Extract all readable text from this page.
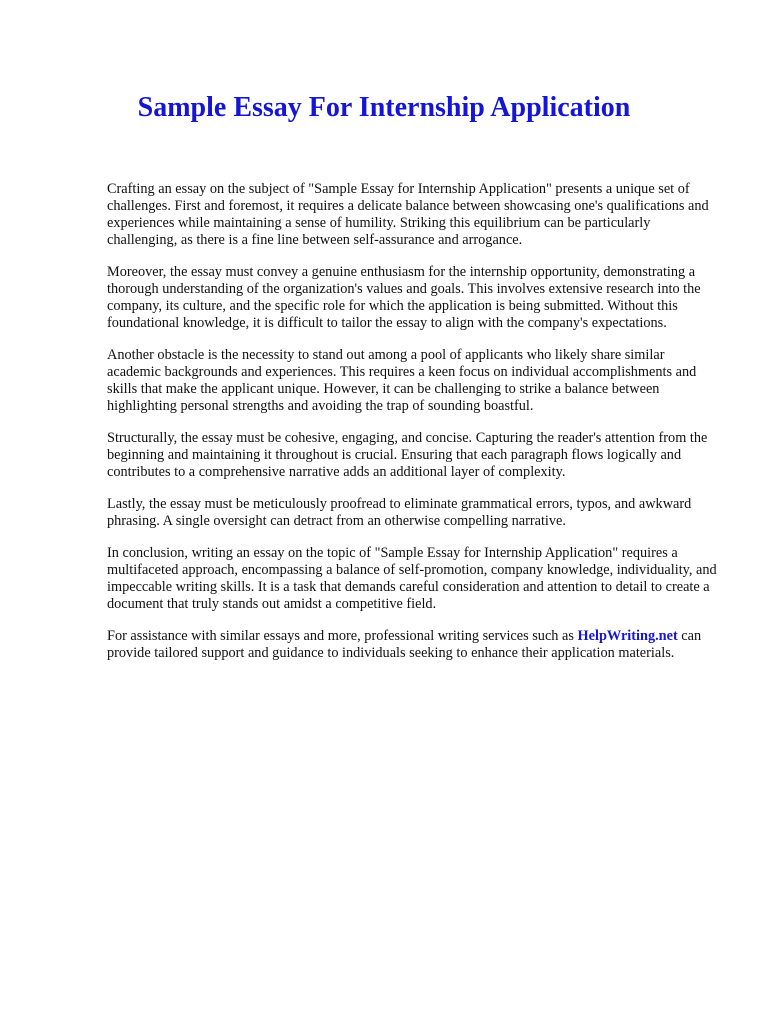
Sample Essay For Internship Application

Crafting an essay on the subject of "Sample Essay for Internship Application" presents a unique set of challenges. First and foremost, it requires a delicate balance between showcasing one's qualifications and experiences while maintaining a sense of humility. Striking this equilibrium can be particularly challenging, as there is a fine line between self-assurance and arrogance.

Moreover, the essay must convey a genuine enthusiasm for the internship opportunity, demonstrating a thorough understanding of the organization's values and goals. This involves extensive research into the company, its culture, and the specific role for which the application is being submitted. Without this foundational knowledge, it is difficult to tailor the essay to align with the company's expectations.

Another obstacle is the necessity to stand out among a pool of applicants who likely share similar academic backgrounds and experiences. This requires a keen focus on individual accomplishments and skills that make the applicant unique. However, it can be challenging to strike a balance between highlighting personal strengths and avoiding the trap of sounding boastful.

Structurally, the essay must be cohesive, engaging, and concise. Capturing the reader's attention from the beginning and maintaining it throughout is crucial. Ensuring that each paragraph flows logically and contributes to a comprehensive narrative adds an additional layer of complexity.

Lastly, the essay must be meticulously proofread to eliminate grammatical errors, typos, and awkward phrasing. A single oversight can detract from an otherwise compelling narrative.

In conclusion, writing an essay on the topic of "Sample Essay for Internship Application" requires a multifaceted approach, encompassing a balance of self-promotion, company knowledge, individuality, and impeccable writing skills. It is a task that demands careful consideration and attention to detail to create a document that truly stands out amidst a competitive field.

For assistance with similar essays and more, professional writing services such as HelpWriting.net can provide tailored support and guidance to individuals seeking to enhance their application materials.
